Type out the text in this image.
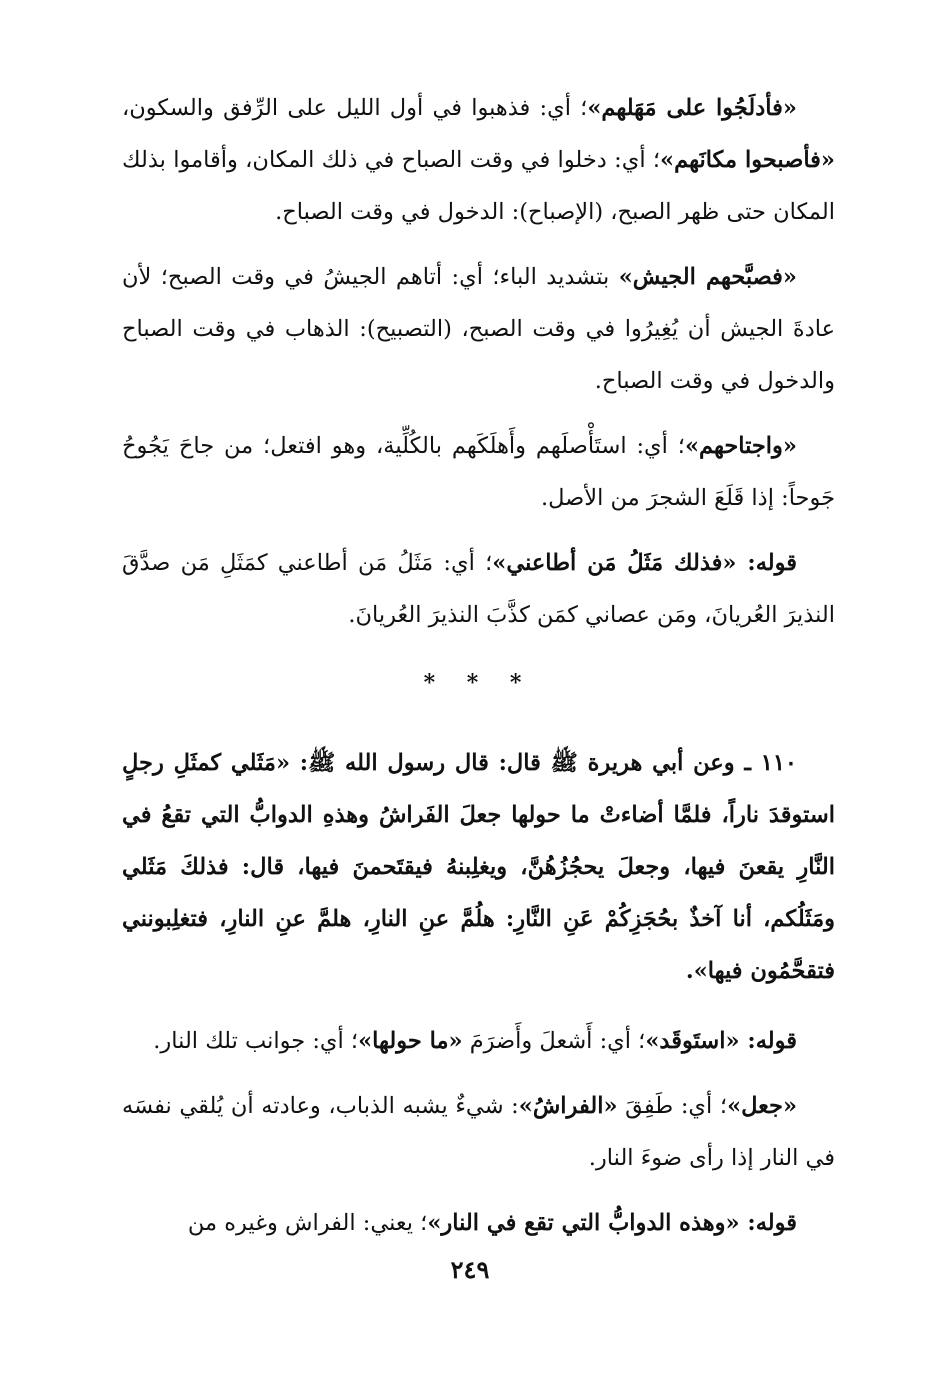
«فأدلَجُوا على مَهَلهم»؛ أي: فذهبوا في أول الليل على الرِّفق والسكون، «فأصبحوا مكانَهم»؛ أي: دخلوا في وقت الصباح في ذلك المكان، وأقاموا بذلك المكان حتى ظهر الصبح، (الإصباح): الدخول في وقت الصباح.

«فصبَّحهم الجيش» بتشديد الباء؛ أي: أتاهم الجيشُ في وقت الصبح؛ لأن عادةَ الجيش أن يُغِيرُوا في وقت الصبح، (التصبيح): الذهاب في وقت الصباح والدخول في وقت الصباح.

«واجتاحهم»؛ أي: استَأْصلَهم وأَهلَكَهم بالكُلِّية، وهو افتعل؛ من جاحَ يَجُوحُ جَوحاً: إذا قَلَعَ الشجرَ من الأصل.

قوله: «فذلك مَثَلُ مَن أطاعني»؛ أي: مَثَلُ مَن أطاعني كمَثَلِ مَن صدَّقَ النذيرَ العُريانَ، ومَن عصاني كمَن كذَّبَ النذيرَ العُريانَ.

* * *

١١٠ ـ وعن أبي هريرة ﷺ قال: قال رسول الله ﷺ: «مَثَلي كمثَلِ رجلٍ استوقدَ ناراً، فلمَّا أضاءتْ ما حولها جعلَ الفَراشُ وهذهِ الدوابُّ التي تقعُ في النَّارِ يقعنَ فيها، وجعلَ يحجُزُهُنَّ، ويغلِبنهُ فيقتَحمنَ فيها، قال: فذلكَ مَثَلي ومَثَلُكم، أنا آخذٌ بحُجَزِكُمْ عَنِ النَّارِ: هلُمَّ عنِ النارِ، هلمَّ عنِ النارِ، فتغلِبونني فتقحَّمُون فيها».

قوله: «استَوقَد»؛ أي: أَشعلَ وأَضرَمَ «ما حولها»؛ أي: جوانب تلك النار.

«جعل»؛ أي: طَفِقَ «الفراشُ»: شيءٌ يشبه الذباب، وعادته أن يُلقي نفسَه في النار إذا رأى ضوءَ النار.

قوله: «وهذه الدوابُّ التي تقع في النار»؛ يعني: الفراش وغيره من

٢٤٩
